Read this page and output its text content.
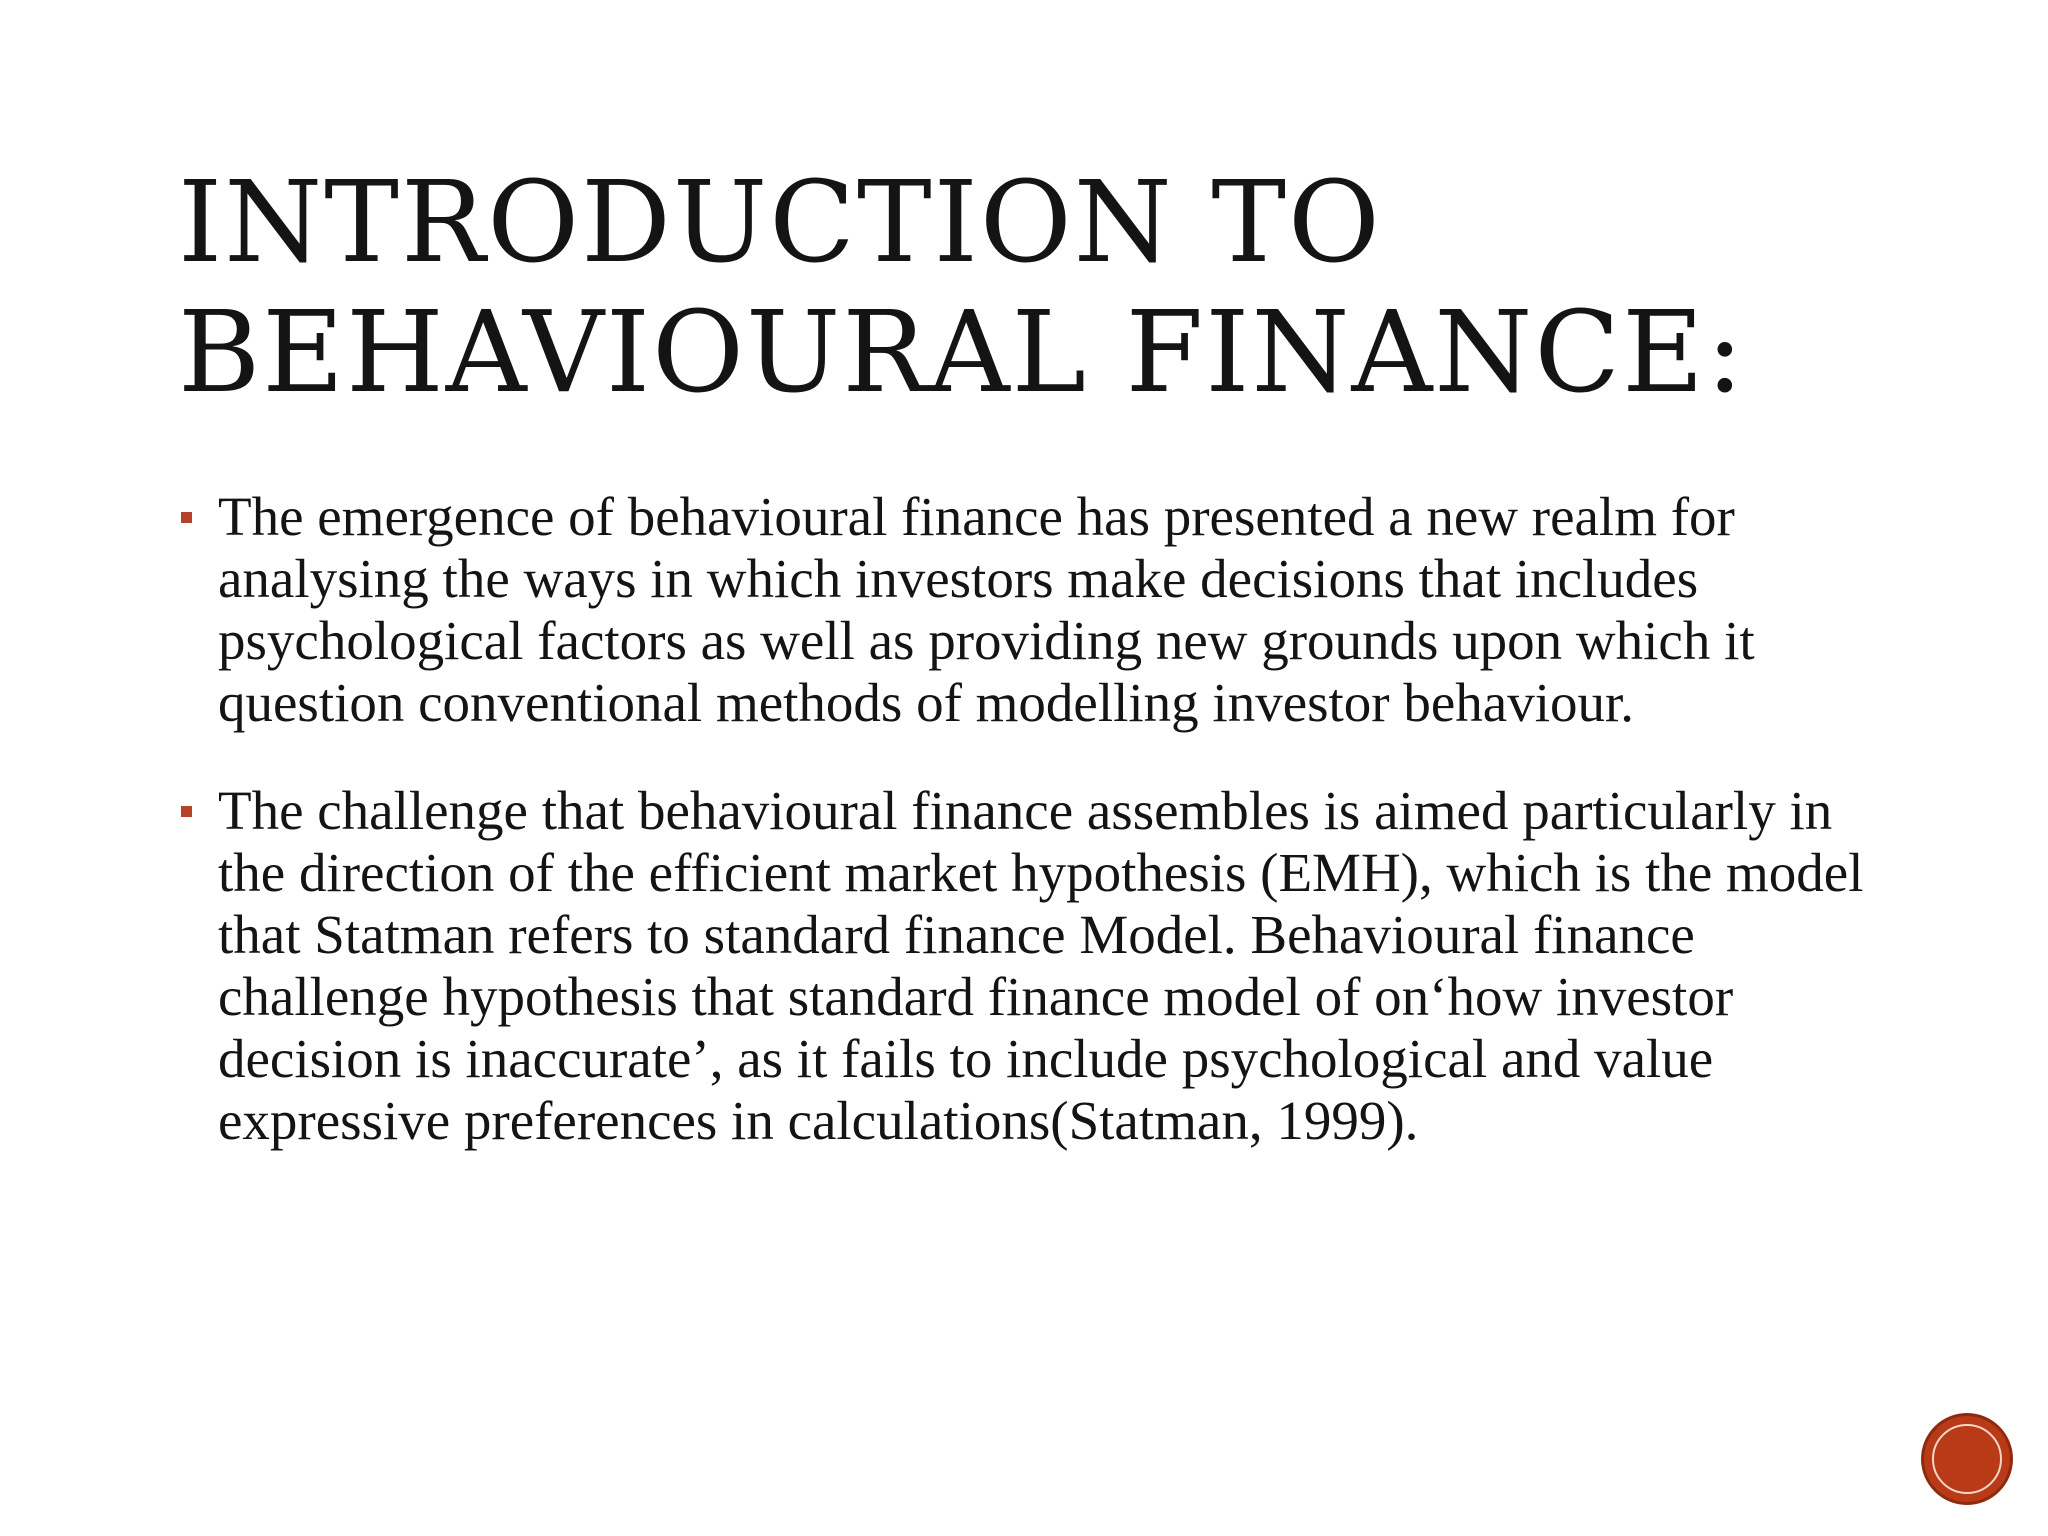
INTRODUCTION TO
BEHAVIOURAL FINANCE:
The emergence of behavioural finance has presented a new realm for analysing the ways in which investors make decisions that includes psychological factors as well as providing new grounds upon which it question conventional methods of modelling investor behaviour.
The challenge that behavioural finance assembles is aimed particularly in the direction of the efficient market hypothesis (EMH), which is the model that Statman refers to standard finance Model. Behavioural finance challenge hypothesis that standard finance model of on‘how investor decision is inaccurate’, as it fails to include psychological and value expressive preferences in calculations(Statman, 1999).
